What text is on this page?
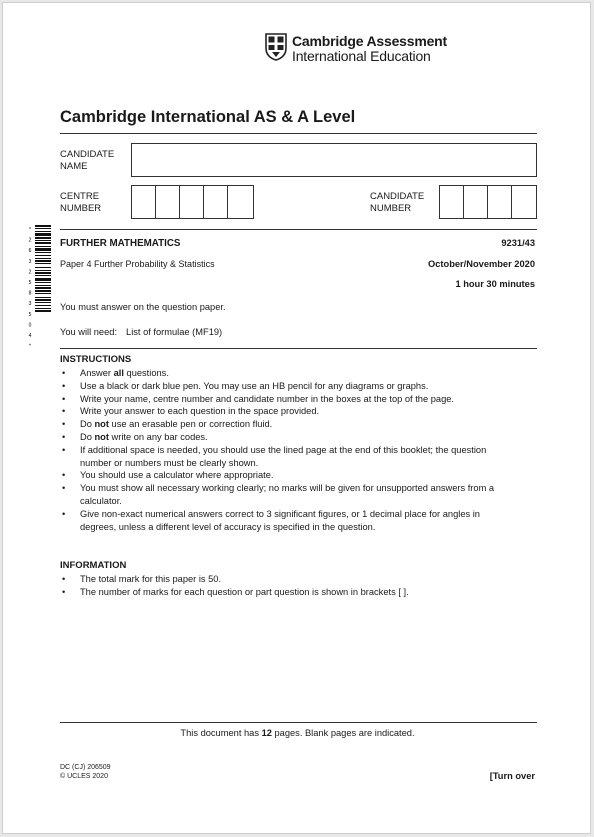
Cambridge Assessment
International Education
Cambridge International AS & A Level
CANDIDATE
NAME
CENTRE
NUMBER
CANDIDATE
NUMBER
*
2
6
3
2
5
8
3
5
0
4
*
FURTHER MATHEMATICS	9231/43
Paper 4 Further Probability & Statistics	October/November 2020
1 hour 30 minutes
You must answer on the question paper.
You will need: List of formulae (MF19)
INSTRUCTIONS
• Answer all questions.
• Use a black or dark blue pen. You may use an HB pencil for any diagrams or graphs.
• Write your name, centre number and candidate number in the boxes at the top of the page.
• Write your answer to each question in the space provided.
• Do not use an erasable pen or correction fluid.
• Do not write on any bar codes.
• If additional space is needed, you should use the lined page at the end of this booklet; the question
number or numbers must be clearly shown.
• You should use a calculator where appropriate.
• You must show all necessary working clearly; no marks will be given for unsupported answers from a
calculator.
• Give non-exact numerical answers correct to 3 significant figures, or 1 decimal place for angles in
degrees, unless a different level of accuracy is specified in the question.
INFORMATION
• The total mark for this paper is 50.
• The number of marks for each question or part question is shown in brackets [ ].
This document has 12 pages. Blank pages are indicated.
DC (CJ) 206509
© UCLES 2020	[Turn over
